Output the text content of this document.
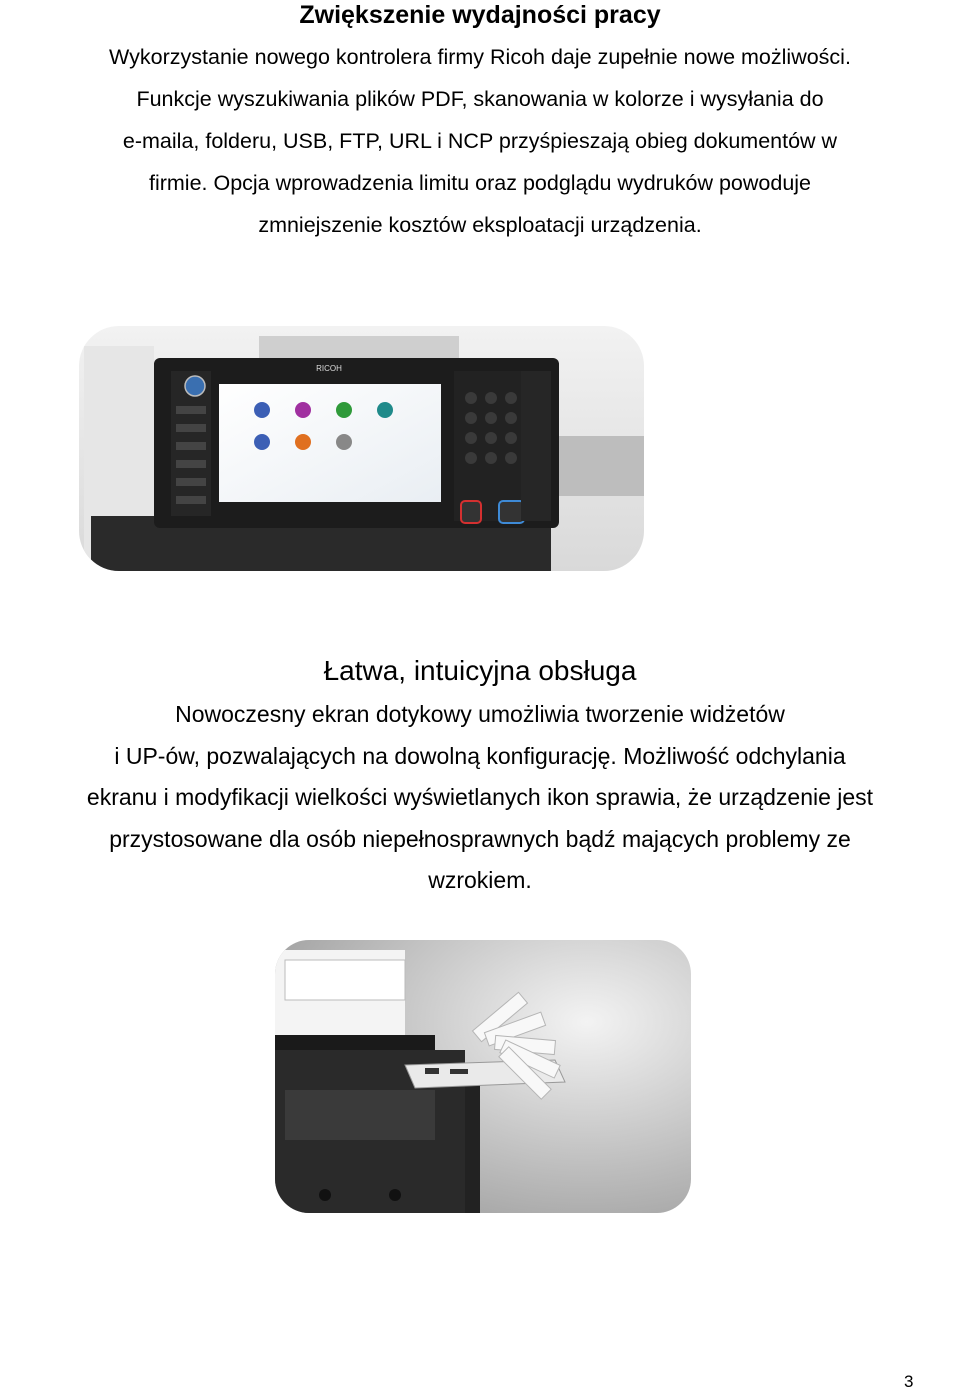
Zwiększenie wydajności pracy

Wykorzystanie nowego kontrolera firmy Ricoh daje zupełnie nowe możliwości.
Funkcje wyszukiwania plików PDF, skanowania w kolorze i wysyłania do
e-maila, folderu, USB, FTP, URL i NCP przyśpieszają obieg dokumentów w
firmie. Opcja wprowadzenia limitu oraz podglądu wydruków powoduje
zmniejszenie kosztów eksploatacji urządzenia.

RICOH
Łatwa, intuicyjna obsługa

Nowoczesny ekran dotykowy umożliwia tworzenie widżetów
i UP-ów, pozwalających na dowolną konfigurację. Możliwość odchylania
ekranu i modyfikacji wielkości wyświetlanych ikon sprawia, że urządzenie jest
przystosowane dla osób niepełnosprawnych bądź mających problemy ze
wzrokiem.

3
